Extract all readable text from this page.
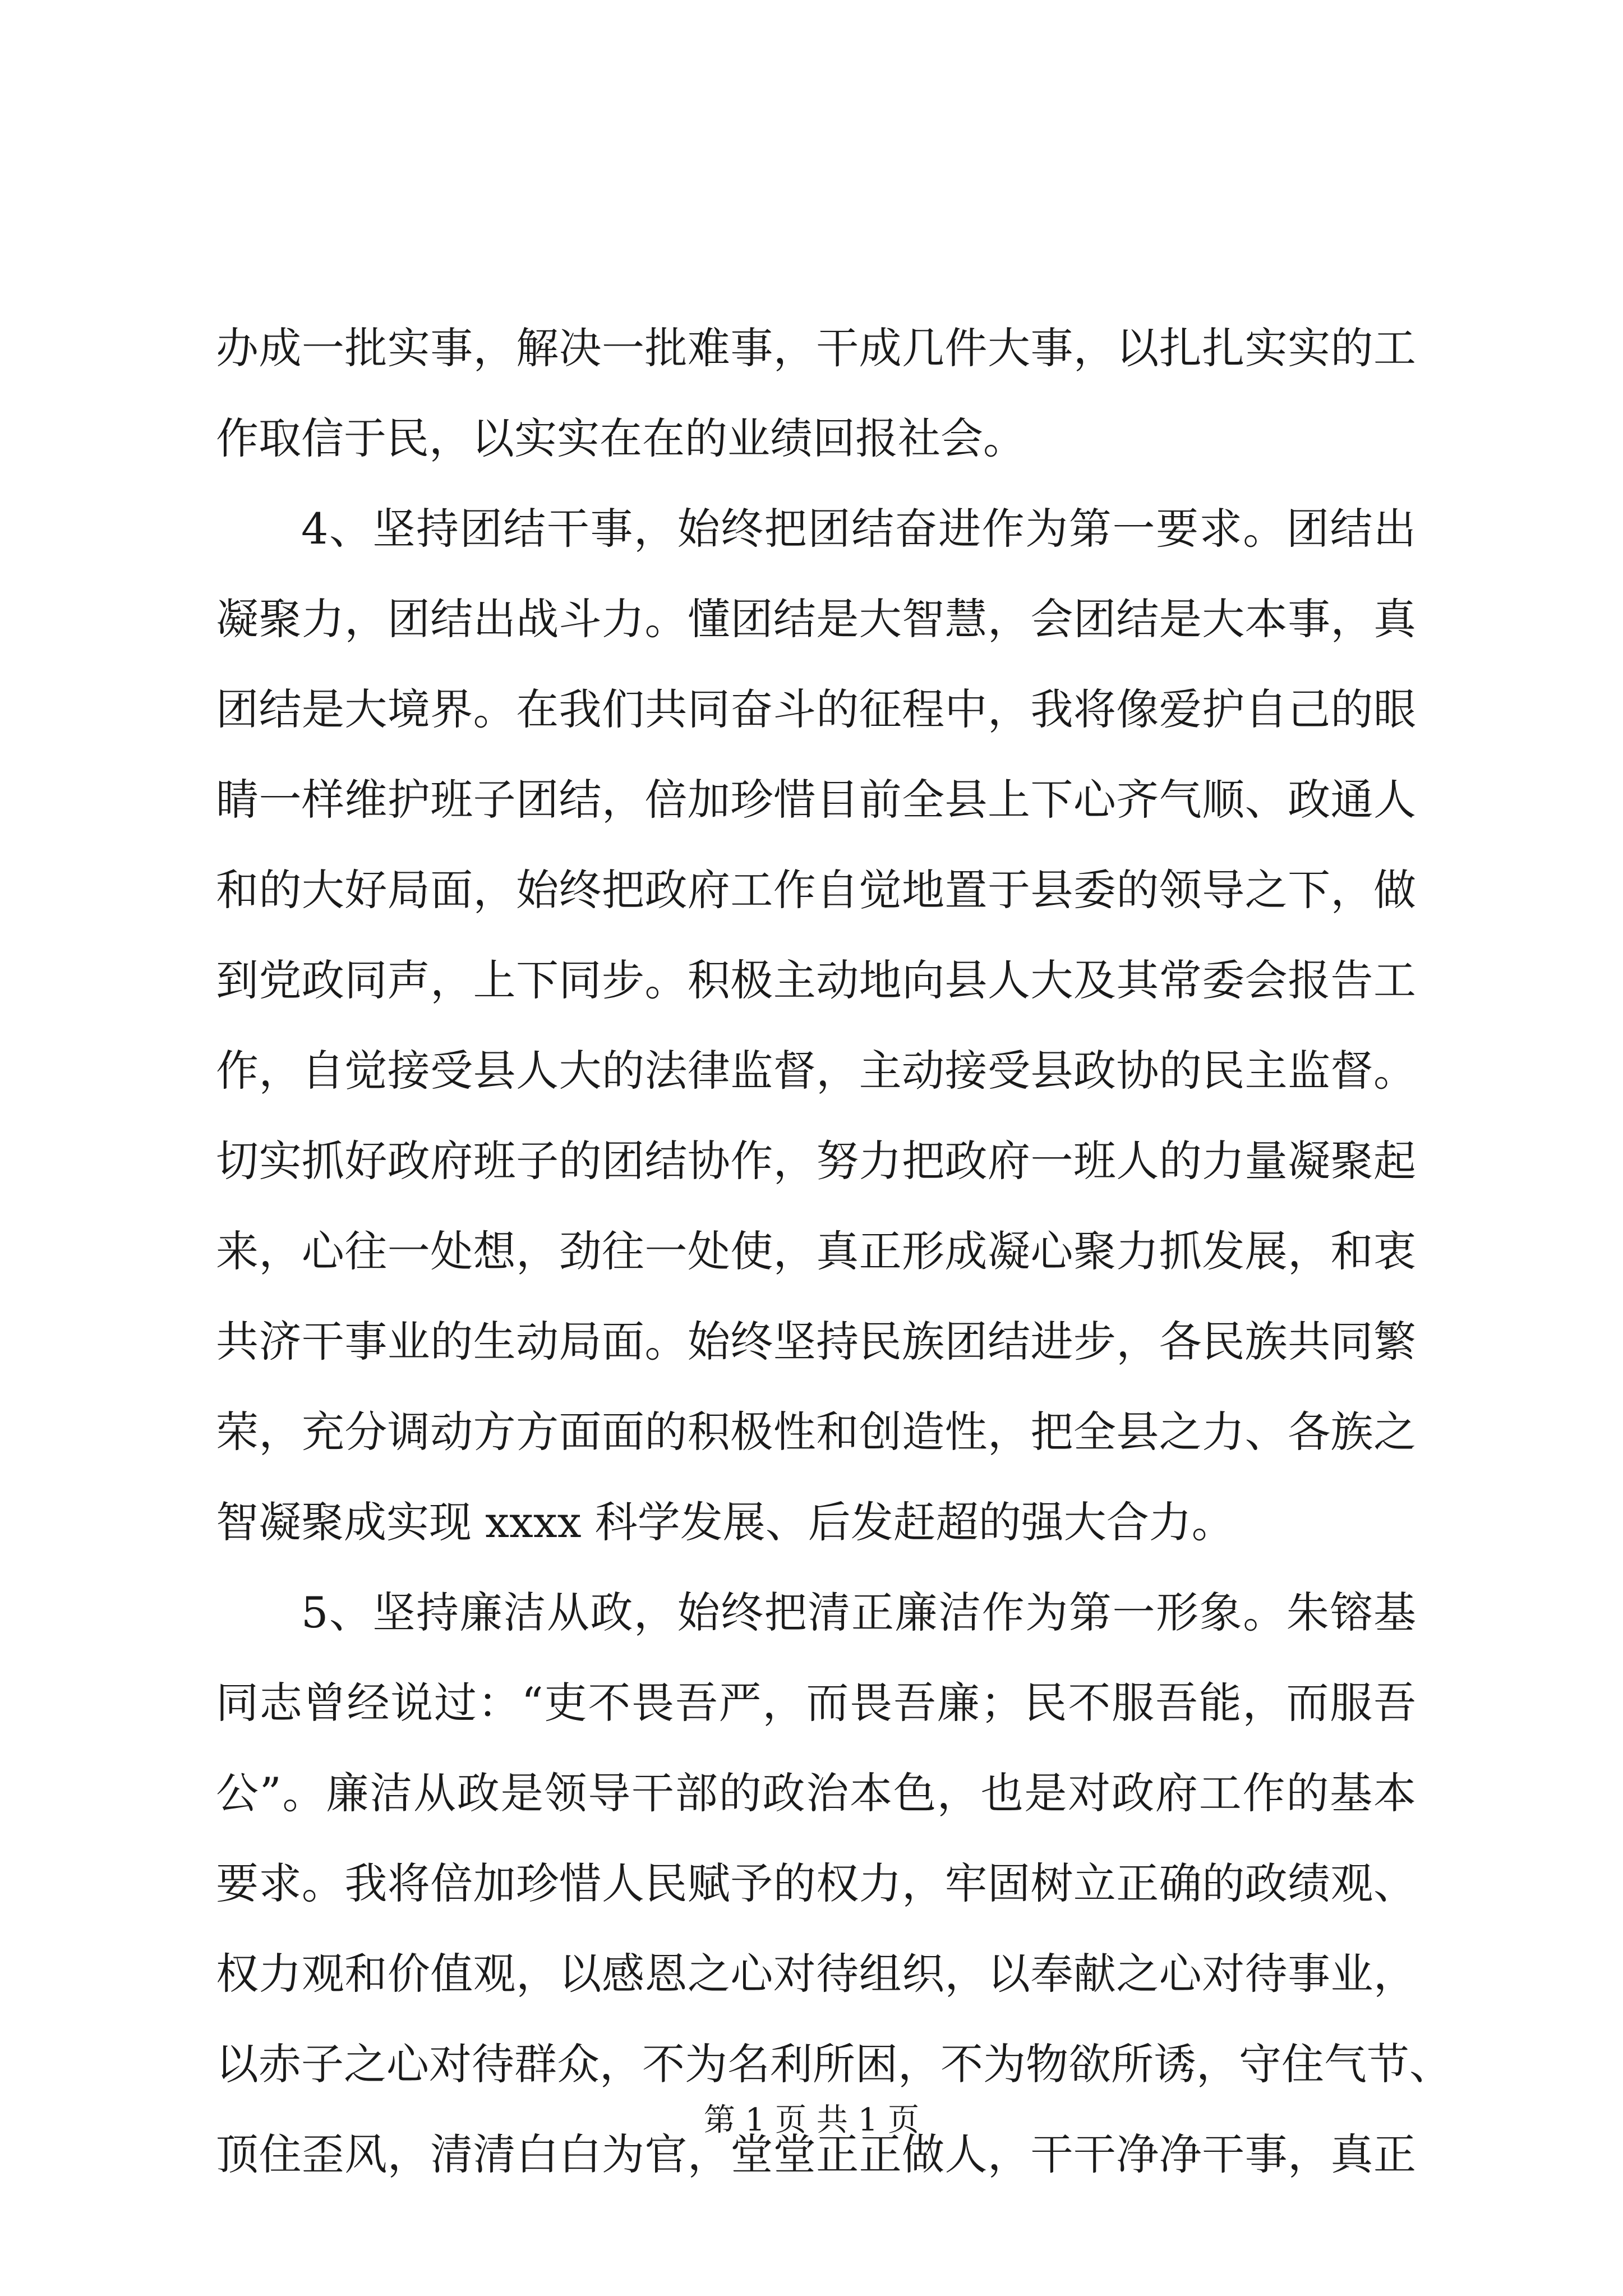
办成一批实事，解决一批难事，干成几件大事，以扎扎实实的工
作取信于民，以实实在在的业绩回报社会。
4、坚持团结干事，始终把团结奋进作为第一要求。团结出
凝聚力，团结出战斗力。懂团结是大智慧，会团结是大本事，真
团结是大境界。在我们共同奋斗的征程中，我将像爱护自己的眼
睛一样维护班子团结，倍加珍惜目前全县上下心齐气顺、政通人
和的大好局面，始终把政府工作自觉地置于县委的领导之下，做
到党政同声，上下同步。积极主动地向县人大及其常委会报告工
作，自觉接受县人大的法律监督，主动接受县政协的民主监督。
切实抓好政府班子的团结协作，努力把政府一班人的力量凝聚起
来，心往一处想，劲往一处使，真正形成凝心聚力抓发展，和衷
共济干事业的生动局面。始终坚持民族团结进步，各民族共同繁
荣，充分调动方方面面的积极性和创造性，把全县之力、各族之
智凝聚成实现 xxxx 科学发展、后发赶超的强大合力。
5、坚持廉洁从政，始终把清正廉洁作为第一形象。朱镕基
同志曾经说过：“吏不畏吾严，而畏吾廉；民不服吾能，而服吾
公”。廉洁从政是领导干部的政治本色，也是对政府工作的基本
要求。我将倍加珍惜人民赋予的权力，牢固树立正确的政绩观、
权力观和价值观，以感恩之心对待组织，以奉献之心对待事业，
以赤子之心对待群众，不为名利所困，不为物欲所诱，守住气节、
顶住歪风，清清白白为官，堂堂正正做人，干干净净干事，真正
第 1 页 共 1 页
